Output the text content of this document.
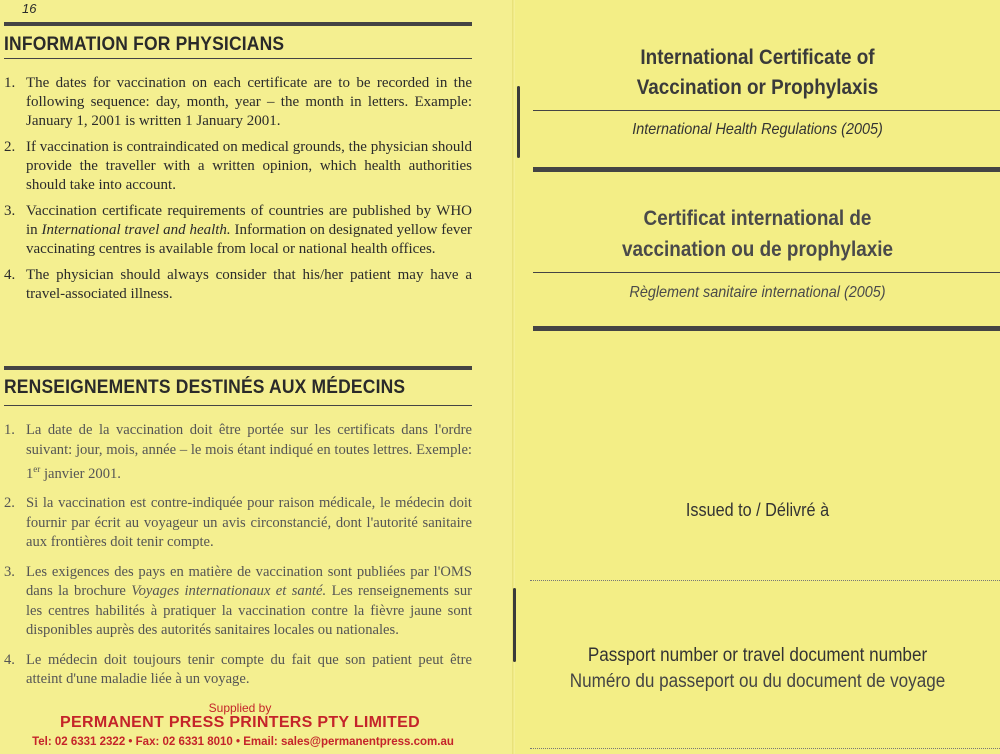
16
INFORMATION FOR PHYSICIANS
1. The dates for vaccination on each certificate are to be recorded in the following sequence: day, month, year – the month in letters. Example: January 1, 2001 is written 1 January 2001.
2. If vaccination is contraindicated on medical grounds, the physician should provide the traveller with a written opinion, which health authorities should take into account.
3. Vaccination certificate requirements of countries are published by WHO in International travel and health. Information on designated yellow fever vaccinating centres is available from local or national health offices.
4. The physician should always consider that his/her patient may have a travel-associated illness.
RENSEIGNEMENTS DESTINÉS AUX MÉDECINS
1. La date de la vaccination doit être portée sur les certificats dans l'ordre suivant: jour, mois, année – le mois étant indiqué en toutes lettres. Exemple: 1er janvier 2001.
2. Si la vaccination est contre-indiquée pour raison médicale, le médecin doit fournir par écrit au voyageur un avis circonstancié, dont l'autorité sanitaire aux frontières doit tenir compte.
3. Les exigences des pays en matière de vaccination sont publiées par l'OMS dans la brochure Voyages internationaux et santé. Les renseignements sur les centres habilités à pratiquer la vaccination contre la fièvre jaune sont disponibles auprès des autorités sanitaires locales ou nationales.
4. Le médecin doit toujours tenir compte du fait que son patient peut être atteint d'une maladie liée à un voyage.
Supplied by
PERMANENT PRESS PRINTERS PTY LIMITED
Tel: 02 6331 2322 • Fax: 02 6331 8010 • Email: sales@permanentpress.com.au
International Certificate of
Vaccination or Prophylaxis
International Health Regulations (2005)
Certificat international de
vaccination ou de prophylaxie
Règlement sanitaire international (2005)
Issued to / Délivré à
Passport number or travel document number
Numéro du passeport ou du document de voyage
